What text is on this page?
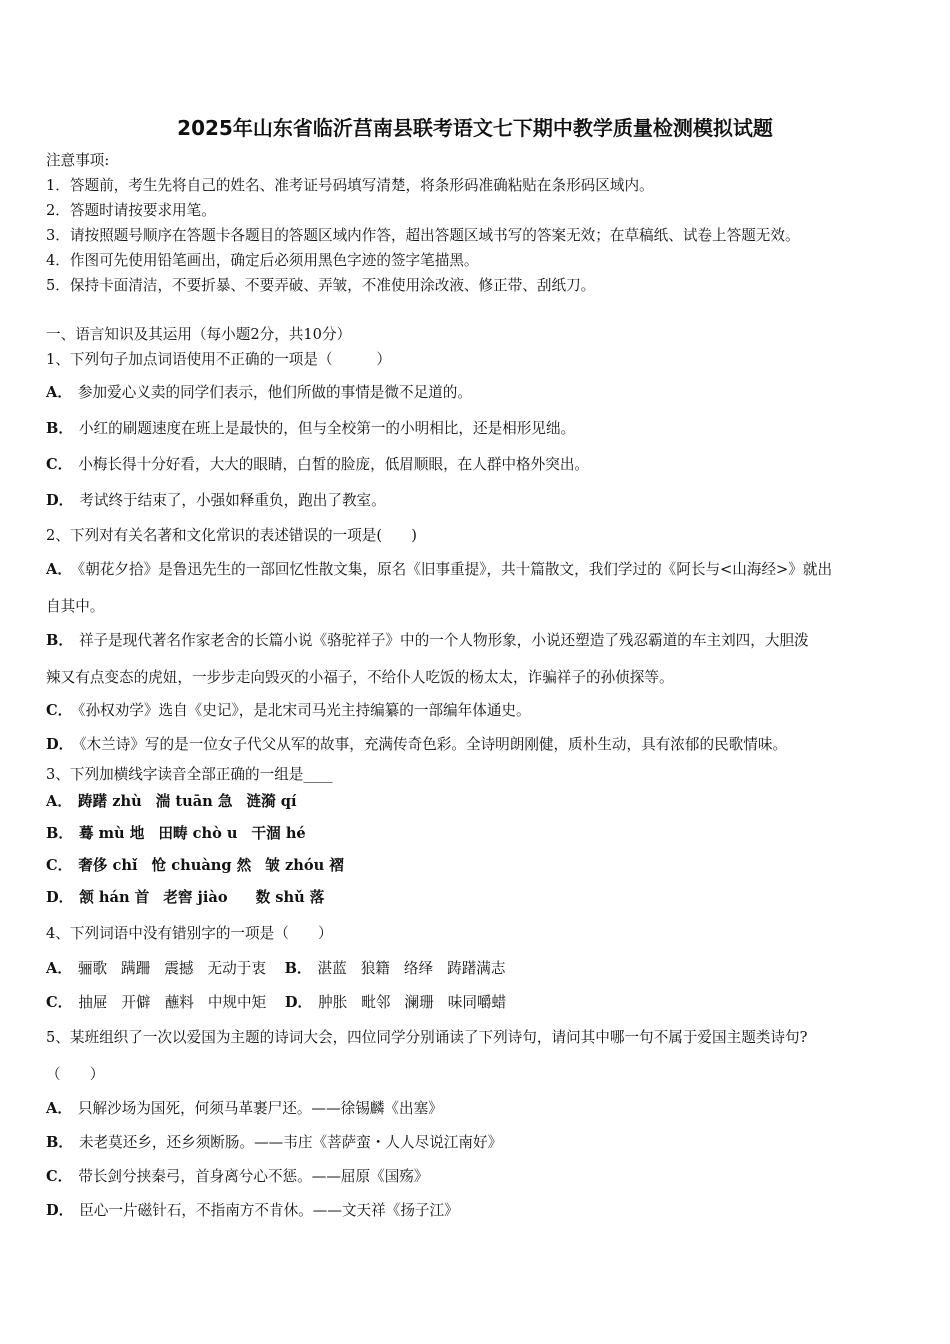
2025年山东省临沂莒南县联考语文七下期中教学质量检测模拟试题
注意事项:
1．答题前，考生先将自己的姓名、准考证号码填写清楚，将条形码准确粘贴在条形码区域内。
2．答题时请按要求用笔。
3．请按照题号顺序在答题卡各题目的答题区域内作答，超出答题区域书写的答案无效；在草稿纸、试卷上答题无效。
4．作图可先使用铅笔画出，确定后必须用黑色字迹的签字笔描黑。
5．保持卡面清洁，不要折暴、不要弄破、弄皱，不准使用涂改液、修正带、刮纸刀。
一、语言知识及其运用（每小题2分，共10分）
1、下列句子加点词语使用不正确的一项是（　　　）
A． 参加爱心义卖的同学们表示，他们所做的事情是微不足道的。
B． 小红的刷题速度在班上是最快的，但与全校第一的小明相比，还是相形见绌。
C． 小梅长得十分好看，大大的眼睛，白皙的脸庞，低眉顺眼，在人群中格外突出。
D． 考试终于结束了，小强如释重负，跑出了教室。
2、下列对有关名著和文化常识的表述错误的一项是(　　)
A． 《朝花夕拾》是鲁迅先生的一部回忆性散文集，原名《旧事重提》，共十篇散文，我们学过的《阿长与<山海经>》就出
自其中。
B． 祥子是现代著名作家老舍的长篇小说《骆驼祥子》中的一个人物形象，小说还塑造了残忍霸道的车主刘四，大胆泼
辣又有点变态的虎妞，一步步走向毁灭的小福子，不给仆人吃饭的杨太太，诈骗祥子的孙侦探等。
C． 《孙权劝学》选自《史记》，是北宋司马光主持编纂的一部编年体通史。
D． 《木兰诗》写的是一位女子代父从军的故事，充满传奇色彩。全诗明朗刚健，质朴生动，具有浓郁的民歌情味。
3、下列加横线字读音全部正确的一组是____
A． 踌躇 zhù 湍 tuān 急 涟漪 qí
B． 蓦 mù 地 田畴 chò u 干涸 hé
C． 奢侈 chǐ 怆 chuàng 然 皱 zhóu 褶
D． 颔 hán 首 老窖 jiào 数 shǔ 落
4、下列词语中没有错别字的一项是（　　）
A． 骊歌 蹒跚 震撼 无动于衷 B． 湛蓝 狼籍 络绎 踌躇满志
C． 抽屉 开僻 蘸料 中规中矩 D． 肿胀 毗邻 澜珊 味同嚼蜡
5、某班组织了一次以爱国为主题的诗词大会，四位同学分别诵读了下列诗句，请问其中哪一句不属于爱国主题类诗句?
（　　）
A． 只解沙场为国死，何须马革裹尸还。——徐锡麟《出塞》
B． 未老莫还乡，还乡须断肠。——韦庄《菩萨蛮・人人尽说江南好》
C． 带长剑兮挟秦弓，首身离兮心不惩。——屈原《国殇》
D． 臣心一片磁针石，不指南方不肯休。——文天祥《扬子江》
